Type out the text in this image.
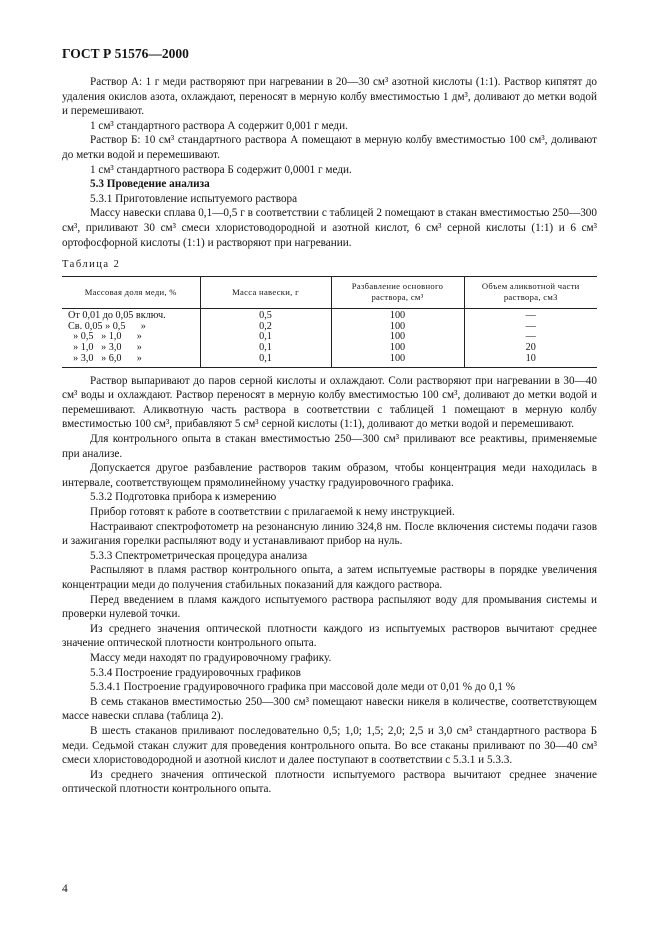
ГОСТ Р 51576—2000

Раствор А: 1 г меди растворяют при нагревании в 20—30 см³ азотной кислоты (1:1). Раствор кипятят до удаления окислов азота, охлаждают, переносят в мерную колбу вместимостью 1 дм³, доливают до метки водой и перемешивают.

1 см³ стандартного раствора А содержит 0,001 г меди.

Раствор Б: 10 см³ стандартного раствора А помещают в мерную колбу вместимостью 100 см³, доливают до метки водой и перемешивают.

1 см³ стандартного раствора Б содержит 0,0001 г меди.

5.3 Проведение анализа

5.3.1 Приготовление испытуемого раствора

Массу навески сплава 0,1—0,5 г в соответствии с таблицей 2 помещают в стакан вместимостью 250—300 см³, приливают 30 см³ смеси хлористоводородной и азотной кислот, 6 см³ серной кислоты (1:1) и 6 см³ ортофосфорной кислоты (1:1) и растворяют при нагревании.

Таблица 2

Массовая доля меди, %	Масса навески, г	Разбавление основного раствора, см³	Объем аликвотной части раствора, см3
От 0,01 до 0,05 включ.	0,5	100	—
Св. 0,05 » 0,5      »	0,2	100	—
» 0,5   » 1,0      »	0,1	100	—
» 1,0   » 3,0      »	0,1	100	20
» 3,0   » 6,0      »	0,1	100	10

Раствор выпаривают до паров серной кислоты и охлаждают. Соли растворяют при нагревании в 30—40 см³ воды и охлаждают. Раствор переносят в мерную колбу вместимостью 100 см³, доливают до метки водой и перемешивают. Аликвотную часть раствора в соответствии с таблицей 1 помещают в мерную колбу вместимостью 100 см³, прибавляют 5 см³ серной кислоты (1:1), доливают до метки водой и перемешивают.

Для контрольного опыта в стакан вместимостью 250—300 см³ приливают все реактивы, применяемые при анализе.

Допускается другое разбавление растворов таким образом, чтобы концентрация меди находилась в интервале, соответствующем прямолинейному участку градуировочного графика.

5.3.2 Подготовка прибора к измерению

Прибор готовят к работе в соответствии с прилагаемой к нему инструкцией.

Настраивают спектрофотометр на резонансную линию 324,8 нм. После включения системы подачи газов и зажигания горелки распыляют воду и устанавливают прибор на нуль.

5.3.3 Спектрометрическая процедура анализа

Распыляют в пламя раствор контрольного опыта, а затем испытуемые растворы в порядке увеличения концентрации меди до получения стабильных показаний для каждого раствора.

Перед введением в пламя каждого испытуемого раствора распыляют воду для промывания системы и проверки нулевой точки.

Из среднего значения оптической плотности каждого из испытуемых растворов вычитают среднее значение оптической плотности контрольного опыта.

Массу меди находят по градуировочному графику.

5.3.4 Построение градуировочных графиков

5.3.4.1 Построение градуировочного графика при массовой доле меди от 0,01 % до 0,1 %

В семь стаканов вместимостью 250—300 см³ помещают навески никеля в количестве, соответствующем массе навески сплава (таблица 2).

В шесть стаканов приливают последовательно 0,5; 1,0; 1,5; 2,0; 2,5 и 3,0 см³ стандартного раствора Б меди. Седьмой стакан служит для проведения контрольного опыта. Во все стаканы приливают по 30—40 см³ смеси хлористоводородной и азотной кислот и далее поступают в соответствии с 5.3.1 и 5.3.3.

Из среднего значения оптической плотности испытуемого раствора вычитают среднее значение оптической плотности контрольного опыта.

4
